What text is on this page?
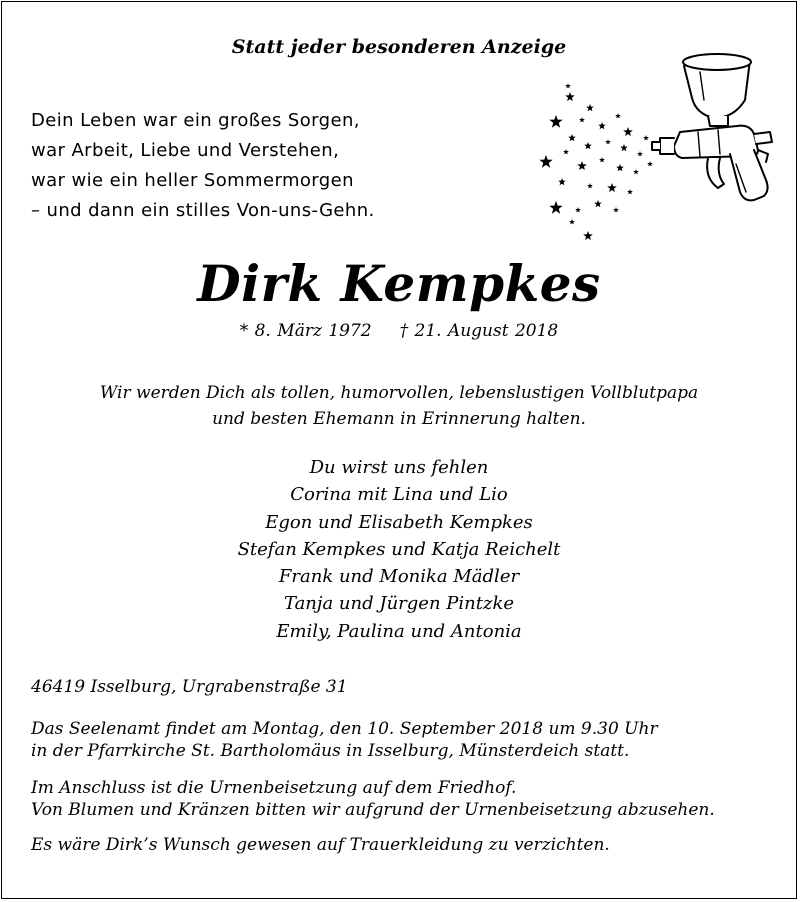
Statt jeder besonderen Anzeige
Dein Leben war ein großes Sorgen,
war Arbeit, Liebe und Verstehen,
war wie ein heller Sommermorgen
– und dann ein stilles Von-uns-Gehn.
Dirk Kempkes
* 8. März 1972 † 21. August 2018
Wir werden Dich als tollen, humorvollen, lebenslustigen Vollblutpapa
und besten Ehemann in Erinnerung halten.
Du wirst uns fehlen
Corina mit Lina und Lio
Egon und Elisabeth Kempkes
Stefan Kempkes und Katja Reichelt
Frank und Monika Mädler
Tanja und Jürgen Pintzke
Emily, Paulina und Antonia
46419 Isselburg, Urgrabenstraße 31
Das Seelenamt findet am Montag, den 10. September 2018 um 9.30 Uhr
in der Pfarrkirche St. Bartholomäus in Isselburg, Münsterdeich statt.
Im Anschluss ist die Urnenbeisetzung auf dem Friedhof.
Von Blumen und Kränzen bitten wir aufgrund der Urnenbeisetzung abzusehen.
Es wäre Dirk’s Wunsch gewesen auf Trauerkleidung zu verzichten.
